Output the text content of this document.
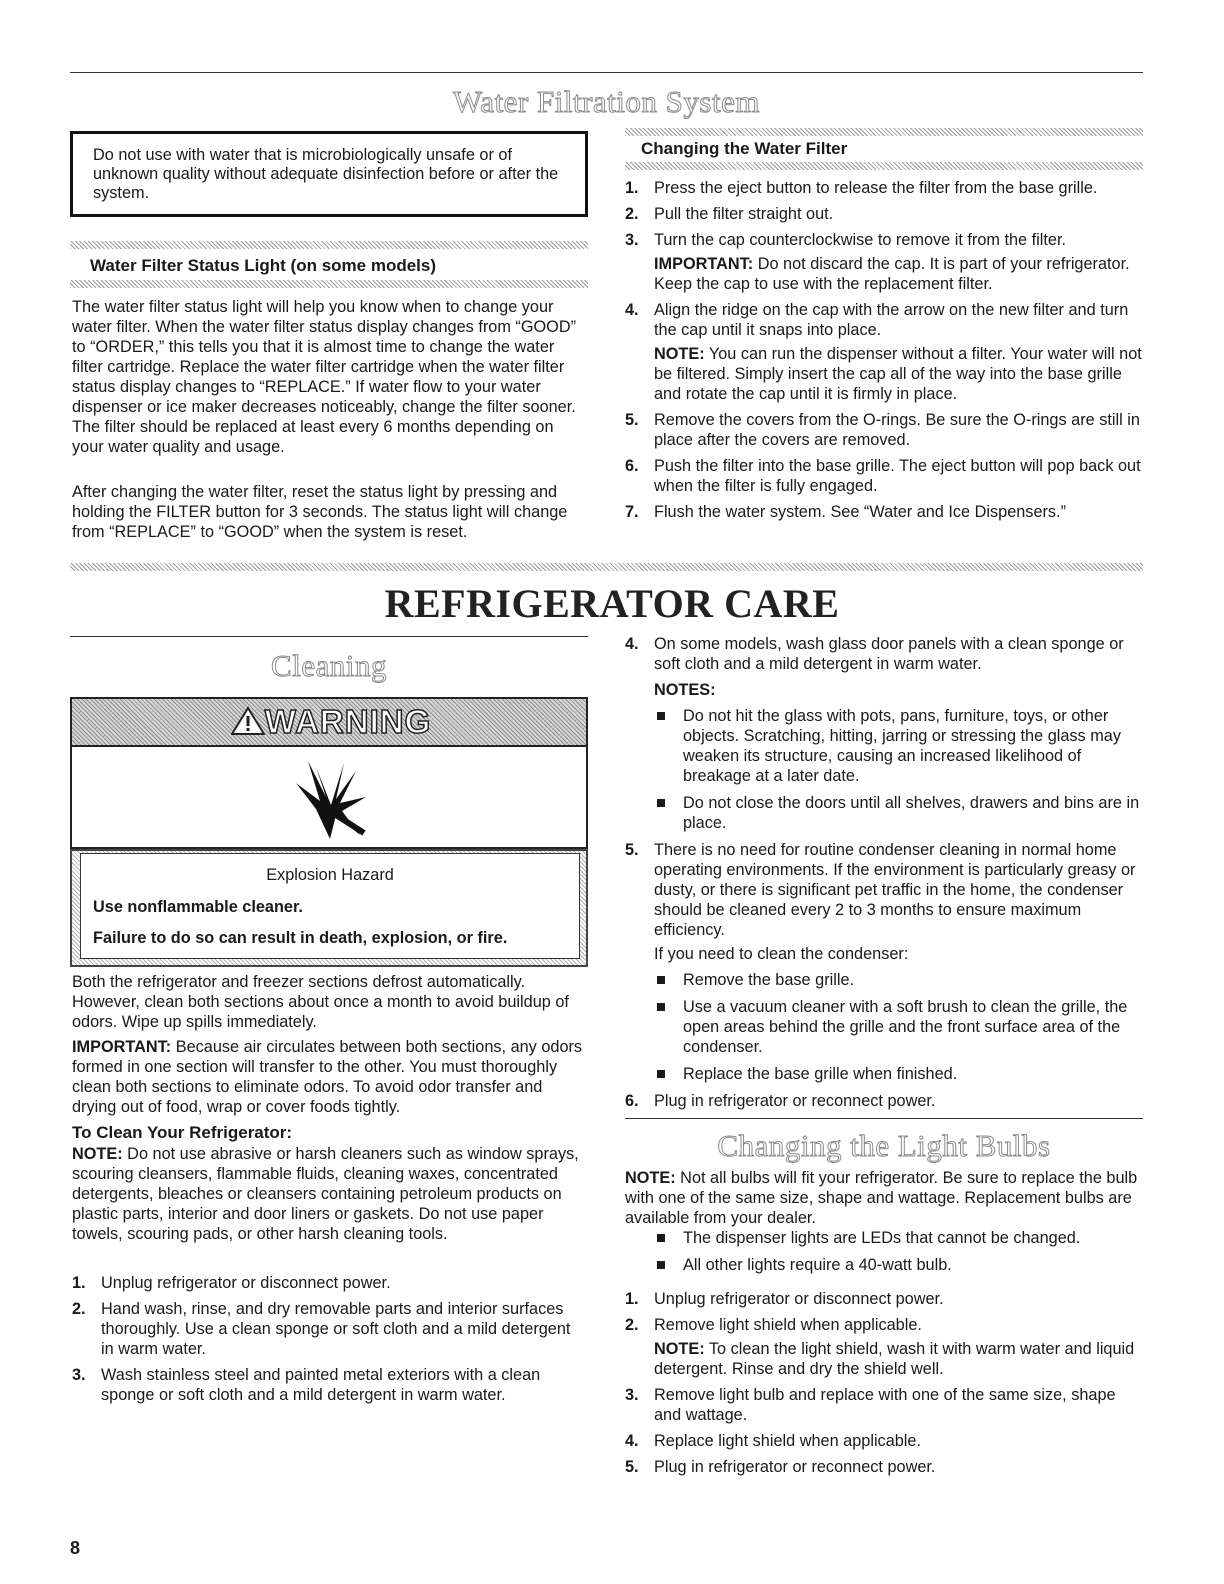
Water Filtration System

Do not use with water that is microbiologically unsafe or of unknown quality without adequate disinfection before or after the system.

Water Filter Status Light (on some models)

The water filter status light will help you know when to change your water filter. When the water filter status display changes from “GOOD” to “ORDER,” this tells you that it is almost time to change the water filter cartridge. Replace the water filter cartridge when the water filter status display changes to “REPLACE.” If water flow to your water dispenser or ice maker decreases noticeably, change the filter sooner. The filter should be replaced at least every 6 months depending on your water quality and usage.

After changing the water filter, reset the status light by pressing and holding the FILTER button for 3 seconds. The status light will change from “REPLACE” to “GOOD” when the system is reset.

Changing the Water Filter
1. Press the eject button to release the filter from the base grille.
2. Pull the filter straight out.
3. Turn the cap counterclockwise to remove it from the filter.
IMPORTANT: Do not discard the cap. It is part of your refrigerator. Keep the cap to use with the replacement filter.
4. Align the ridge on the cap with the arrow on the new filter and turn the cap until it snaps into place.
NOTE: You can run the dispenser without a filter. Your water will not be filtered. Simply insert the cap all of the way into the base grille and rotate the cap until it is firmly in place.
5. Remove the covers from the O-rings. Be sure the O-rings are still in place after the covers are removed.
6. Push the filter into the base grille. The eject button will pop back out when the filter is fully engaged.
7. Flush the water system. See “Water and Ice Dispensers.”
REFRIGERATOR CARE
Cleaning
WARNING
Explosion Hazard
Use nonflammable cleaner.
Failure to do so can result in death, explosion, or fire.

Both the refrigerator and freezer sections defrost automatically. However, clean both sections about once a month to avoid buildup of odors. Wipe up spills immediately.

IMPORTANT: Because air circulates between both sections, any odors formed in one section will transfer to the other. You must thoroughly clean both sections to eliminate odors. To avoid odor transfer and drying out of food, wrap or cover foods tightly.

To Clean Your Refrigerator:

NOTE: Do not use abrasive or harsh cleaners such as window sprays, scouring cleansers, flammable fluids, cleaning waxes, concentrated detergents, bleaches or cleansers containing petroleum products on plastic parts, interior and door liners or gaskets. Do not use paper towels, scouring pads, or other harsh cleaning tools.

1. Unplug refrigerator or disconnect power.
2. Hand wash, rinse, and dry removable parts and interior surfaces thoroughly. Use a clean sponge or soft cloth and a mild detergent in warm water.
3. Wash stainless steel and painted metal exteriors with a clean sponge or soft cloth and a mild detergent in warm water.
4. On some models, wash glass door panels with a clean sponge or soft cloth and a mild detergent in warm water.
NOTES:
Do not hit the glass with pots, pans, furniture, toys, or other objects. Scratching, hitting, jarring or stressing the glass may weaken its structure, causing an increased likelihood of breakage at a later date.
Do not close the doors until all shelves, drawers and bins are in place.
5. There is no need for routine condenser cleaning in normal home operating environments. If the environment is particularly greasy or dusty, or there is significant pet traffic in the home, the condenser should be cleaned every 2 to 3 months to ensure maximum efficiency.
If you need to clean the condenser:
Remove the base grille.
Use a vacuum cleaner with a soft brush to clean the grille, the open areas behind the grille and the front surface area of the condenser.
Replace the base grille when finished.
6. Plug in refrigerator or reconnect power.
Changing the Light Bulbs

NOTE: Not all bulbs will fit your refrigerator. Be sure to replace the bulb with one of the same size, shape and wattage. Replacement bulbs are available from your dealer.

The dispenser lights are LEDs that cannot be changed.
All other lights require a 40-watt bulb.
1. Unplug refrigerator or disconnect power.
2. Remove light shield when applicable.
NOTE: To clean the light shield, wash it with warm water and liquid detergent. Rinse and dry the shield well.
3. Remove light bulb and replace with one of the same size, shape and wattage.
4. Replace light shield when applicable.
5. Plug in refrigerator or reconnect power.
8
